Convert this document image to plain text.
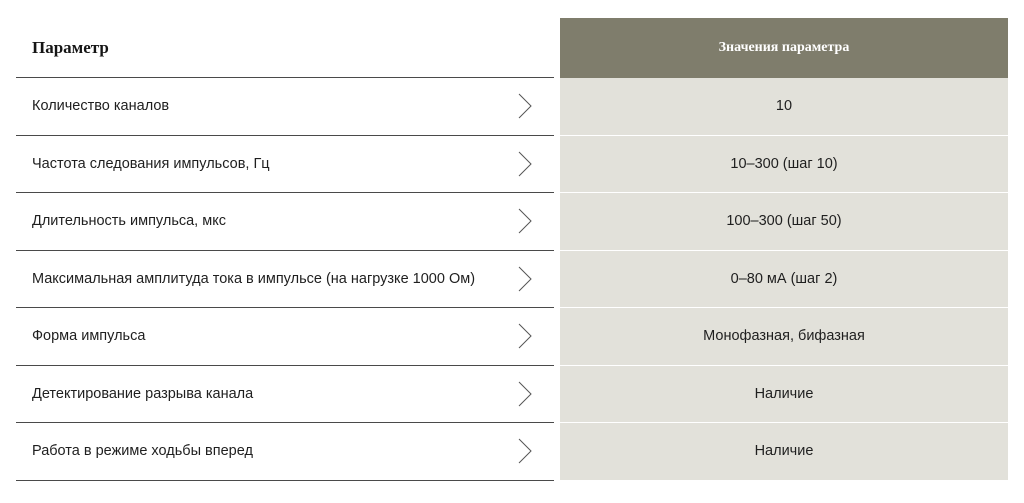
Параметр	Значения параметра
Количество каналов	10
Частота следования импульсов, Гц	10–300 (шаг 10)
Длительность импульса, мкс	100–300 (шаг 50)
Максимальная амплитуда тока в импульсе (на нагрузке 1000 Ом)	0–80 мА (шаг 2)
Форма импульса	Монофазная, бифазная
Детектирование разрыва канала	Наличие
Работа в режиме ходьбы вперед	Наличие
